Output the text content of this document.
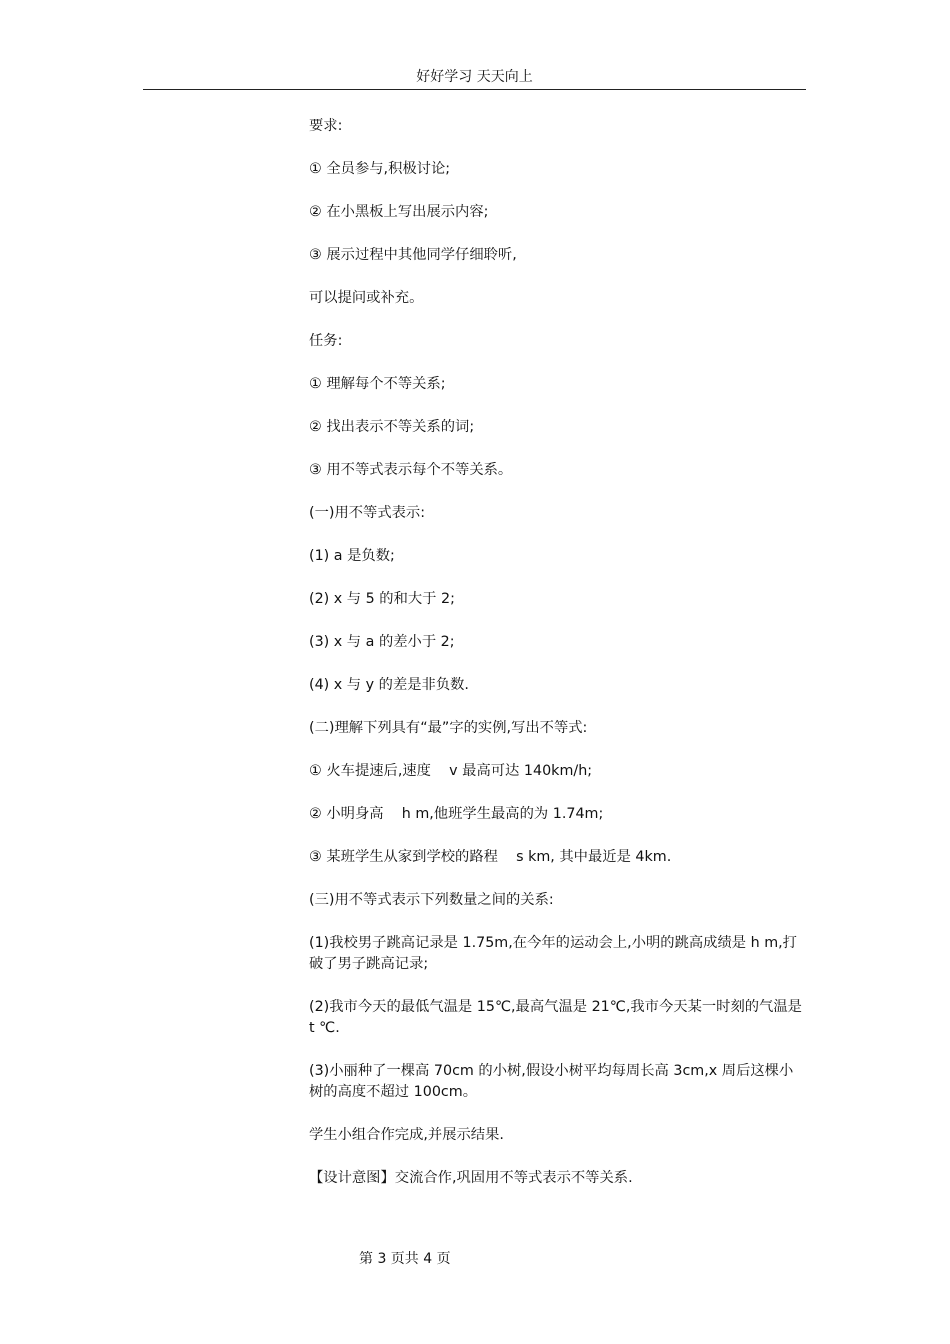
好好学习 天天向上
要求:
① 全员参与,积极讨论;
② 在小黑板上写出展示内容;
③ 展示过程中其他同学仔细聆听,
可以提问或补充。
任务:
① 理解每个不等关系;
② 找出表示不等关系的词;
③ 用不等式表示每个不等关系。
(一)用不等式表示:
(1) a 是负数;
(2) x 与 5 的和大于 2;
(3) x 与 a 的差小于 2;
(4) x 与 y 的差是非负数.
(二)理解下列具有“最”字的实例,写出不等式:
① 火车提速后,速度    v 最高可达 140km/h;
② 小明身高    h m,他班学生最高的为 1.74m;
③ 某班学生从家到学校的路程    s km, 其中最近是 4km.
(三)用不等式表示下列数量之间的关系:
(1)我校男子跳高记录是 1.75m,在今年的运动会上,小明的跳高成绩是 h m,打破了男子跳高记录;
(2)我市今天的最低气温是 15℃,最高气温是 21℃,我市今天某一时刻的气温是 t ℃.
(3)小丽种了一棵高 70cm 的小树,假设小树平均每周长高 3cm,x 周后这棵小树的高度不超过 100cm。
学生小组合作完成,并展示结果.
【设计意图】交流合作,巩固用不等式表示不等关系.
第 3 页共 4 页
